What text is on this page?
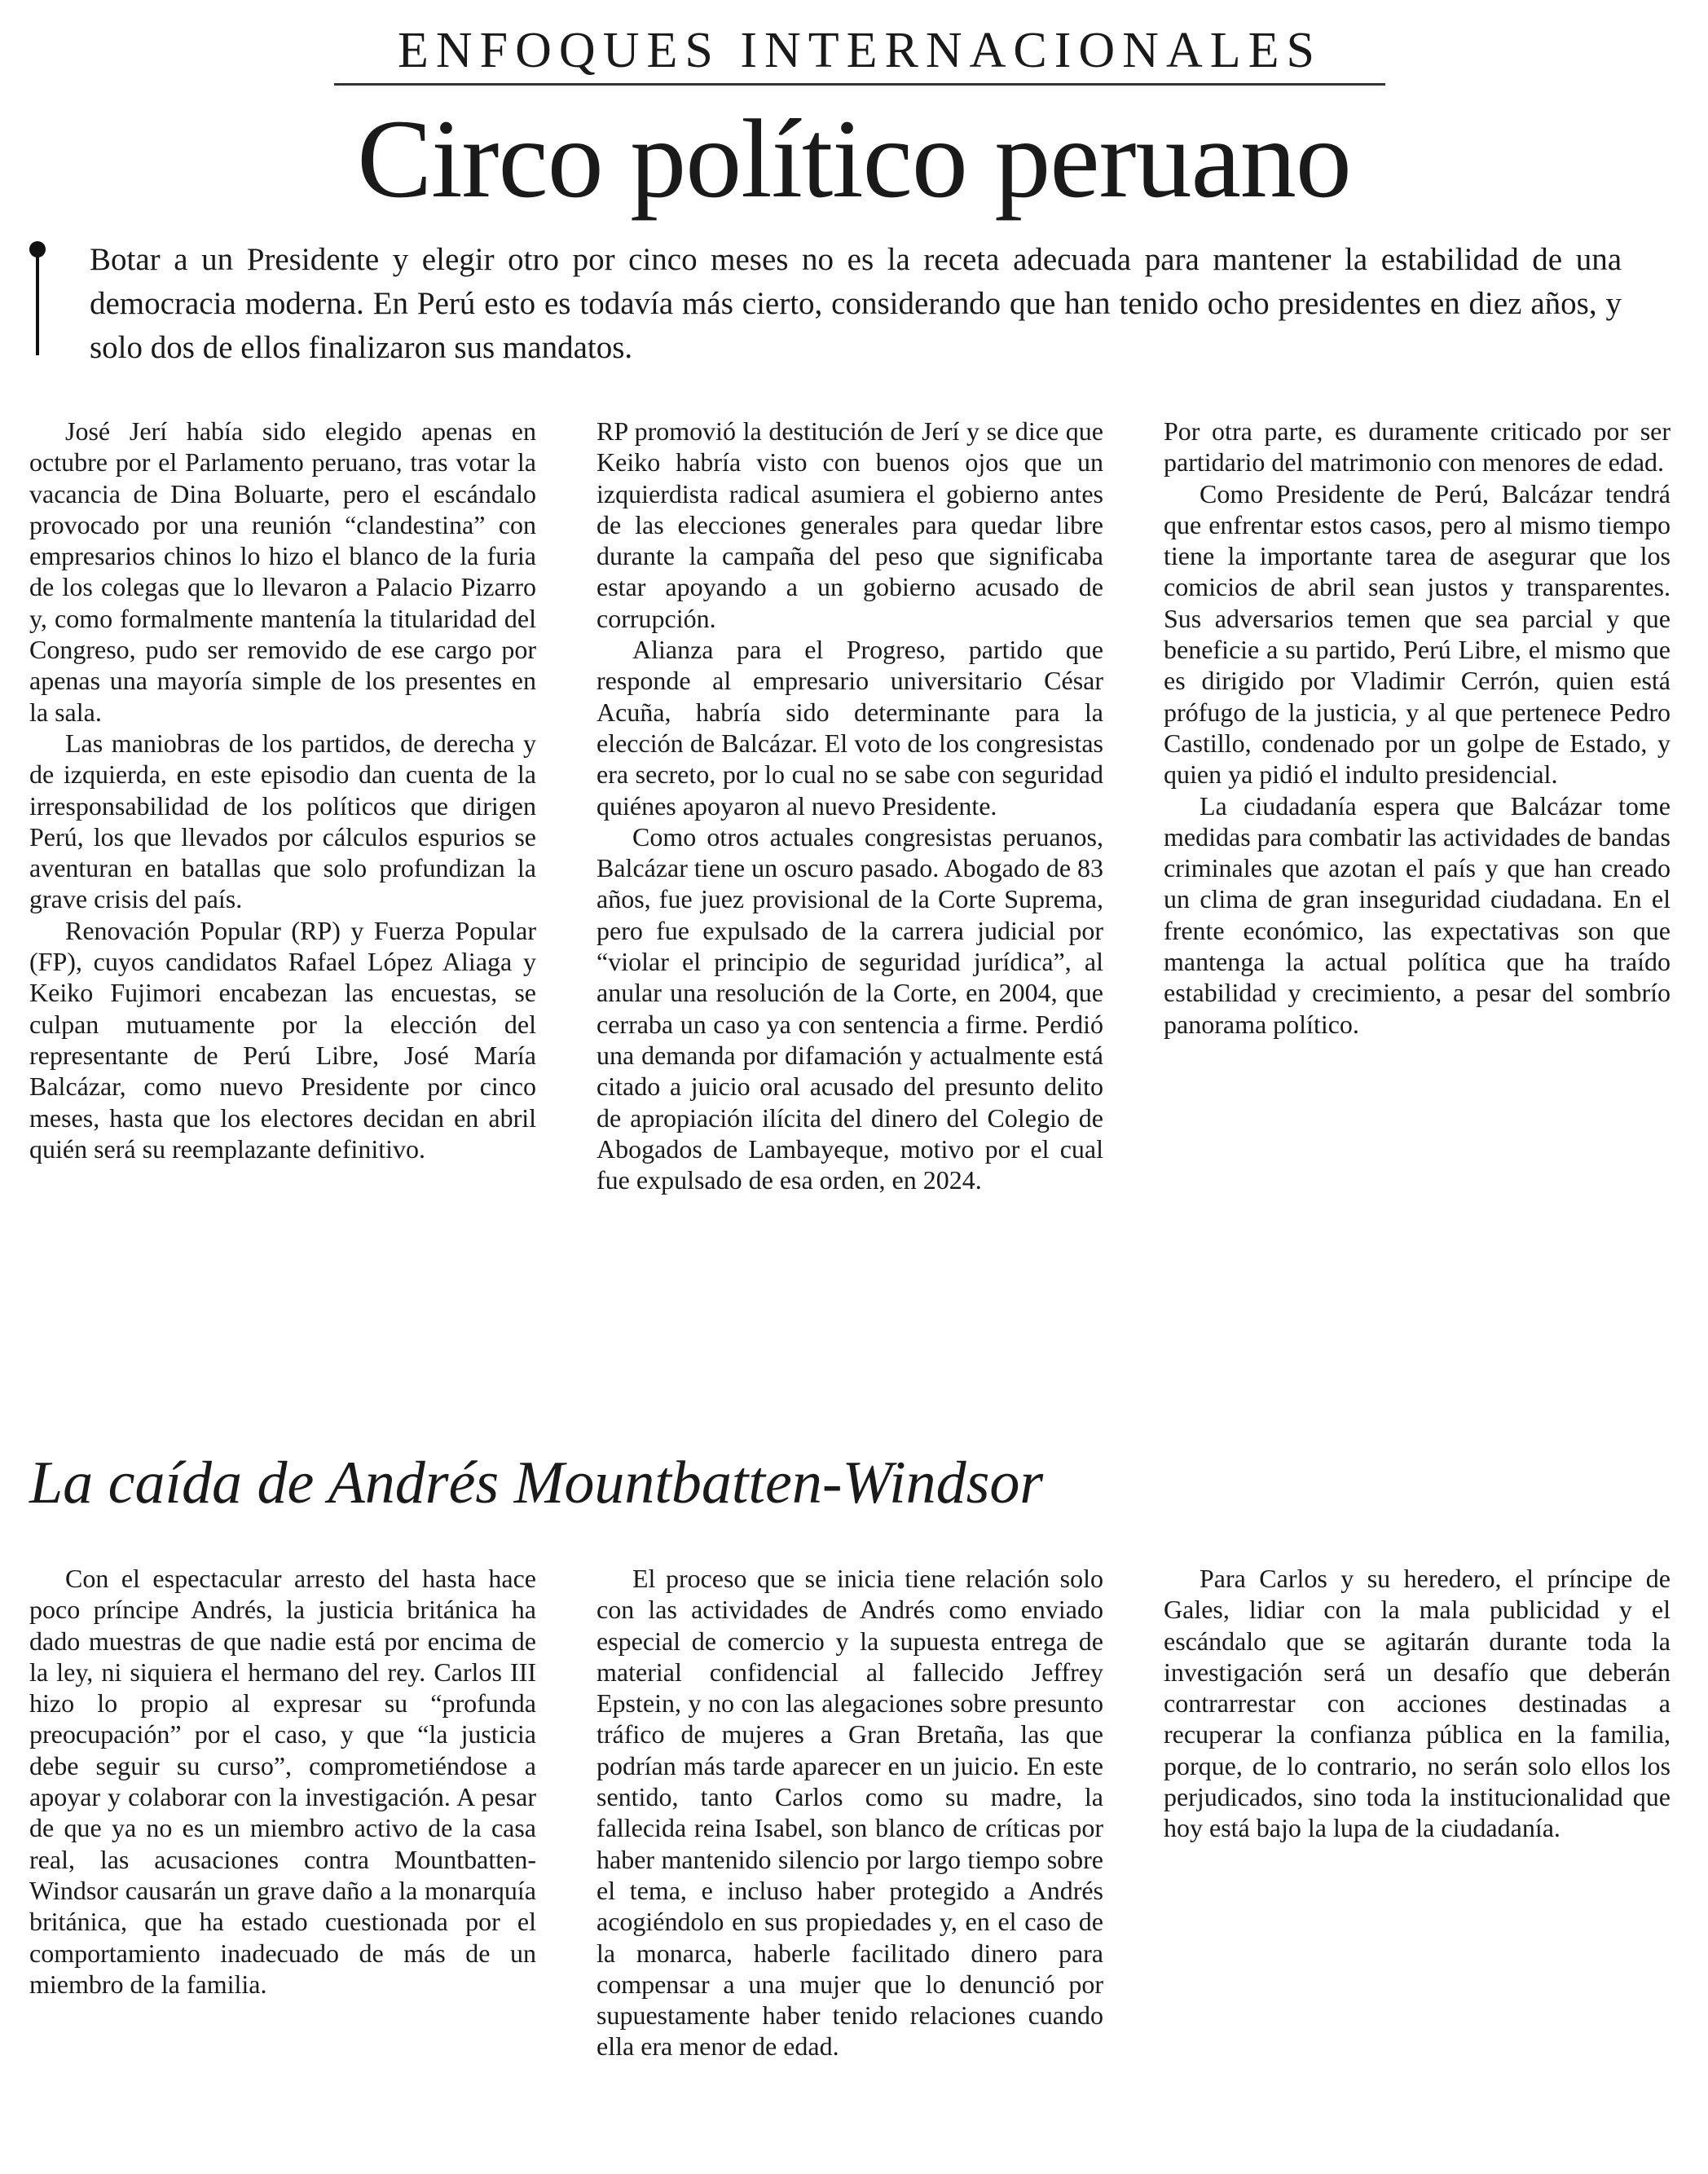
ENFOQUES INTERNACIONALES
Circo político peruano
Botar a un Presidente y elegir otro por cinco meses no es la receta adecuada para mantener la estabilidad de una democracia moderna. En Perú esto es todavía más cierto, considerando que han tenido ocho presidentes en diez años, y solo dos de ellos finalizaron sus mandatos.

José Jerí había sido elegido apenas en octubre por el Parlamento peruano, tras votar la vacancia de Dina Boluarte, pero el escándalo provocado por una reunión “clandestina” con empresarios chinos lo hizo el blanco de la furia de los colegas que lo llevaron a Palacio Pizarro y, como formalmente mantenía la titularidad del Congreso, pudo ser removido de ese cargo por apenas una mayoría simple de los presentes en la sala.

Las maniobras de los partidos, de derecha y de izquierda, en este episodio dan cuenta de la irresponsabilidad de los políticos que dirigen Perú, los que llevados por cálculos espurios se aventuran en batallas que solo profundizan la grave crisis del país.

Renovación Popular (RP) y Fuerza Popular (FP), cuyos candidatos Rafael López Aliaga y Keiko Fujimori encabezan las encuestas, se culpan mutuamente por la elección del representante de Perú Libre, José María Balcázar, como nuevo Presidente por cinco meses, hasta que los electores decidan en abril quién será su reemplazante definitivo.

RP promovió la destitución de Jerí y se dice que Keiko habría visto con buenos ojos que un izquierdista radical asumiera el gobierno antes de las elecciones generales para quedar libre durante la campaña del peso que significaba estar apoyando a un gobierno acusado de corrupción.

Alianza para el Progreso, partido que responde al empresario universitario César Acuña, habría sido determinante para la elección de Balcázar. El voto de los congresistas era secreto, por lo cual no se sabe con seguridad quiénes apoyaron al nuevo Presidente.

Como otros actuales congresistas peruanos, Balcázar tiene un oscuro pasado. Abogado de 83 años, fue juez provisional de la Corte Suprema, pero fue expulsado de la carrera judicial por “violar el principio de seguridad jurídica”, al anular una resolución de la Corte, en 2004, que cerraba un caso ya con sentencia a firme. Perdió una demanda por difamación y actualmente está citado a juicio oral acusado del presunto delito de apropiación ilícita del dinero del Colegio de Abogados de Lambayeque, motivo por el cual fue expulsado de esa orden, en 2024.

Por otra parte, es duramente criticado por ser partidario del matrimonio con menores de edad.

Como Presidente de Perú, Balcázar tendrá que enfrentar estos casos, pero al mismo tiempo tiene la importante tarea de asegurar que los comicios de abril sean justos y transparentes. Sus adversarios temen que sea parcial y que beneficie a su partido, Perú Libre, el mismo que es dirigido por Vladimir Cerrón, quien está prófugo de la justicia, y al que pertenece Pedro Castillo, condenado por un golpe de Estado, y quien ya pidió el indulto presidencial.

La ciudadanía espera que Balcázar tome medidas para combatir las actividades de bandas criminales que azotan el país y que han creado un clima de gran inseguridad ciudadana. En el frente económico, las expectativas son que mantenga la actual política que ha traído estabilidad y crecimiento, a pesar del sombrío panorama político.

La caída de Andrés Mountbatten-Windsor

Con el espectacular arresto del hasta hace poco príncipe Andrés, la justicia británica ha dado muestras de que nadie está por encima de la ley, ni siquiera el hermano del rey. Carlos III hizo lo propio al expresar su “profunda preocupación” por el caso, y que “la justicia debe seguir su curso”, comprometiéndose a apoyar y colaborar con la investigación. A pesar de que ya no es un miembro activo de la casa real, las acusaciones contra Mountbatten-Windsor causarán un grave daño a la monarquía británica, que ha estado cuestionada por el comportamiento inadecuado de más de un miembro de la familia.

El proceso que se inicia tiene relación solo con las actividades de Andrés como enviado especial de comercio y la supuesta entrega de material confidencial al fallecido Jeffrey Epstein, y no con las alegaciones sobre presunto tráfico de mujeres a Gran Bretaña, las que podrían más tarde aparecer en un juicio. En este sentido, tanto Carlos como su madre, la fallecida reina Isabel, son blanco de críticas por haber mantenido silencio por largo tiempo sobre el tema, e incluso haber protegido a Andrés acogiéndolo en sus propiedades y, en el caso de la monarca, haberle facilitado dinero para compensar a una mujer que lo denunció por supuestamente haber tenido relaciones cuando ella era menor de edad.

Para Carlos y su heredero, el príncipe de Gales, lidiar con la mala publicidad y el escándalo que se agitarán durante toda la investigación será un desafío que deberán contrarrestar con acciones destinadas a recuperar la confianza pública en la familia, porque, de lo contrario, no serán solo ellos los perjudicados, sino toda la institucionalidad que hoy está bajo la lupa de la ciudadanía.
